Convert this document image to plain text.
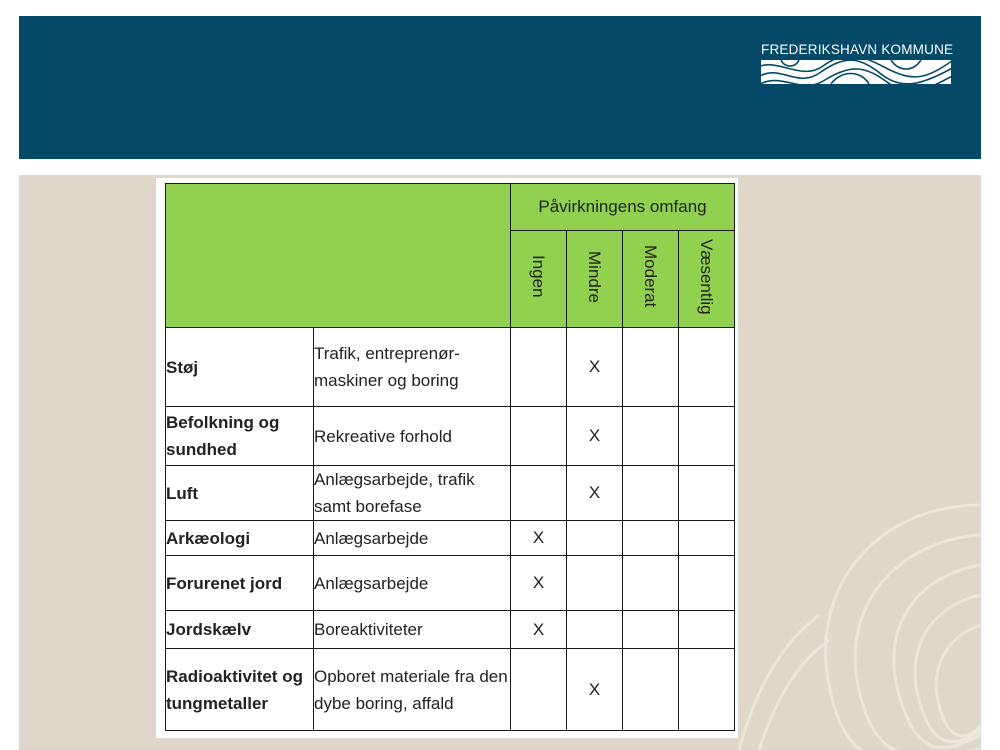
FREDERIKSHAVN KOMMUNE
		Påvirkningens omfang			
		Ingen	Mindre	Moderat	Væsentlig
Støj	Trafik, entreprenør-maskiner og boring		X		
Befolkning og sundhed	Rekreative forhold		X		
Luft	Anlægsarbejde, trafik samt borefase		X		
Arkæologi	Anlægsarbejde	X			
Forurenet jord	Anlægsarbejde	X			
Jordskælv	Boreaktiviteter	X			
Radioaktivitet og tungmetaller	Opboret materiale fra den dybe boring, affald		X		
